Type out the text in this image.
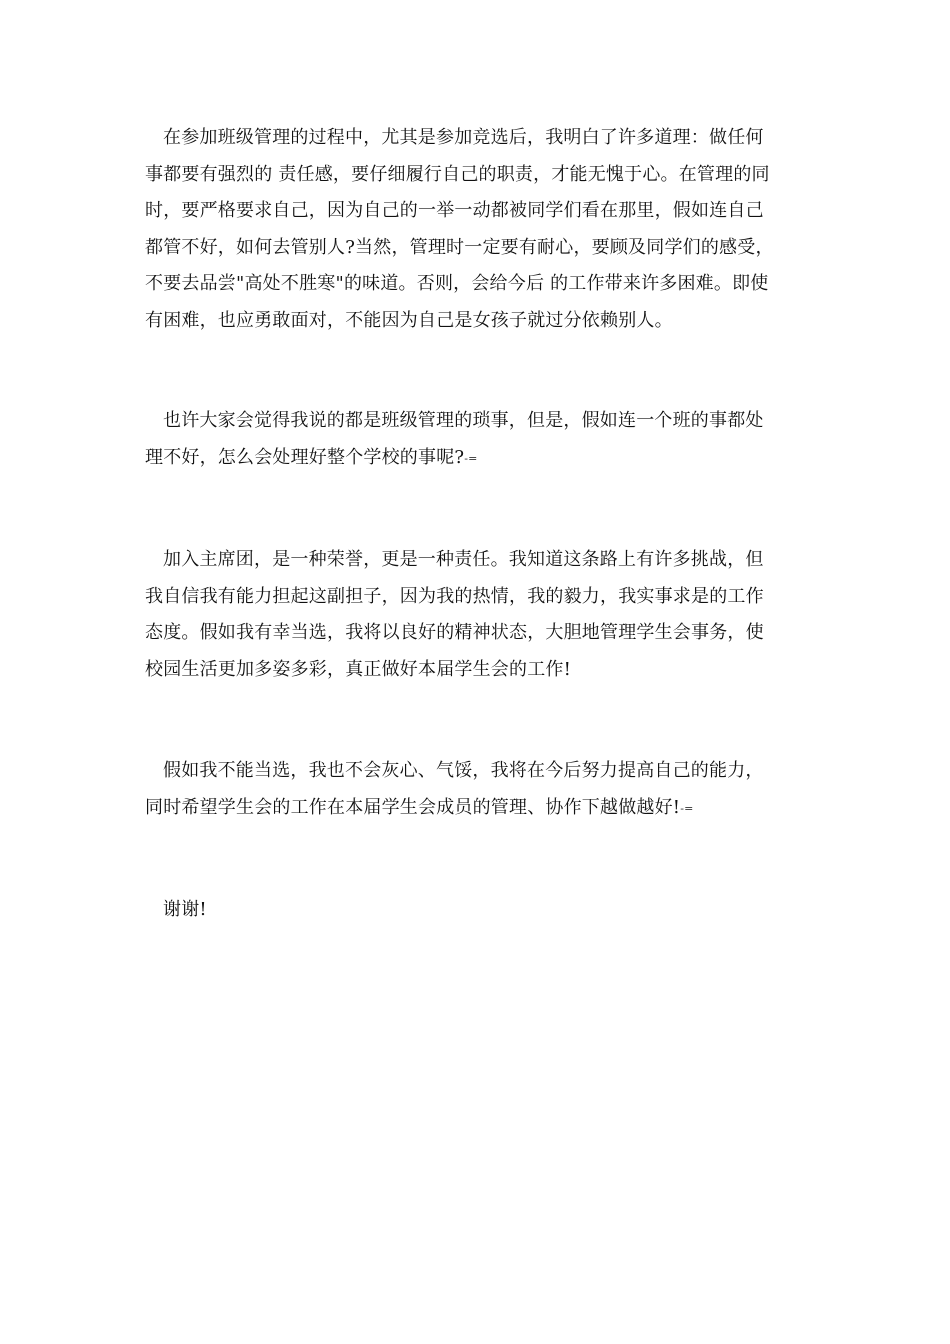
在参加班级管理的过程中，尤其是参加竞选后，我明白了许多道理：做任何
事都要有强烈的 责任感，要仔细履行自己的职责，才能无愧于心。在管理的同
时，要严格要求自己，因为自己的一举一动都被同学们看在那里，假如连自己
都管不好，如何去管别人?当然，管理时一定要有耐心，要顾及同学们的感受，
不要去品尝"高处不胜寒"的味道。否则，会给今后 的工作带来许多困难。即使
有困难，也应勇敢面对，不能因为自己是女孩子就过分依赖别人。

也许大家会觉得我说的都是班级管理的琐事，但是，假如连一个班的事都处
理不好，怎么会处理好整个学校的事呢?-=

加入主席团，是一种荣誉，更是一种责任。我知道这条路上有许多挑战，但
我自信我有能力担起这副担子，因为我的热情，我的毅力，我实事求是的工作
态度。假如我有幸当选，我将以良好的精神状态，大胆地管理学生会事务，使
校园生活更加多姿多彩，真正做好本届学生会的工作!

假如我不能当选，我也不会灰心、气馁，我将在今后努力提高自己的能力，
同时希望学生会的工作在本届学生会成员的管理、协作下越做越好!-=

谢谢!
